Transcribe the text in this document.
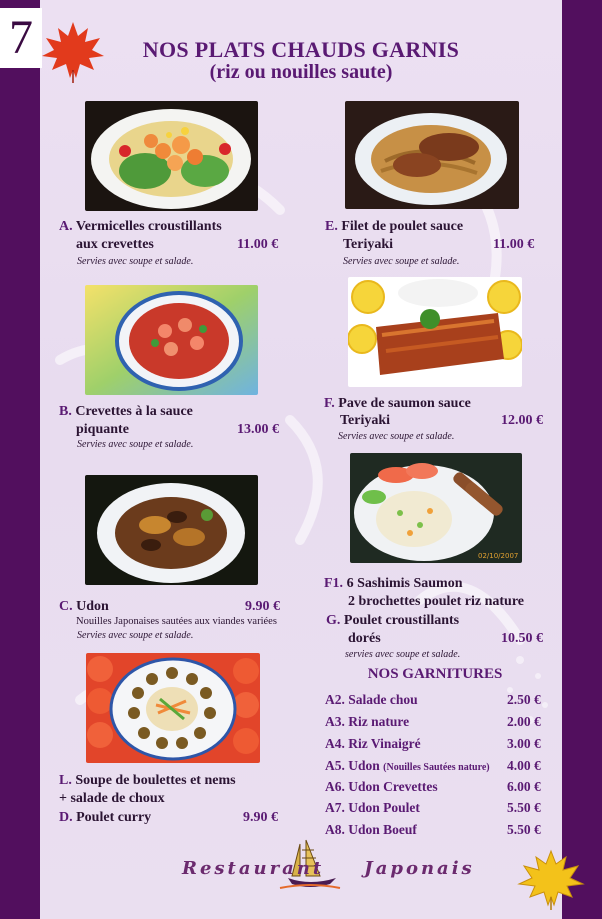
7	NOS PLATS CHAUDS GARNIS
(riz ou nouilles saute)
02/10/2007
A. Vermicelles croustillants
aux crevettes	11.00 €
Servies avec soupe et salade.
E. Filet de poulet sauce
Teriyaki	11.00 €
Servies avec soupe et salade.
B. Crevettes à la sauce
piquante	13.00 €
Servies avec soupe et salade.
F. Pave de saumon sauce
Teriyaki	12.00 €
Servies avec soupe et salade.
C. Udon	9.90 €
Nouilles Japonaises sautées aux viandes variées
Servies avec soupe et salade.
F1. 6 Sashimis Saumon
2 brochettes poulet riz nature
G. Poulet croustillants
dorés	10.50 €
servies avec soupe et salade.
L. Soupe de boulettes et nems
+ salade de choux
D. Poulet curry	9.90 €
NOS GARNITURES
A2. Salade chou	2.50 €
A3. Riz nature	2.00 €
A4. Riz Vinaigré	3.00 €
A5. Udon (Nouilles Sautées nature) 4.00 €
A6. Udon Crevettes	6.00 €
A7. Udon Poulet	5.50 €
A8. Udon Boeuf	5.50 €
Restaurant Japonais
